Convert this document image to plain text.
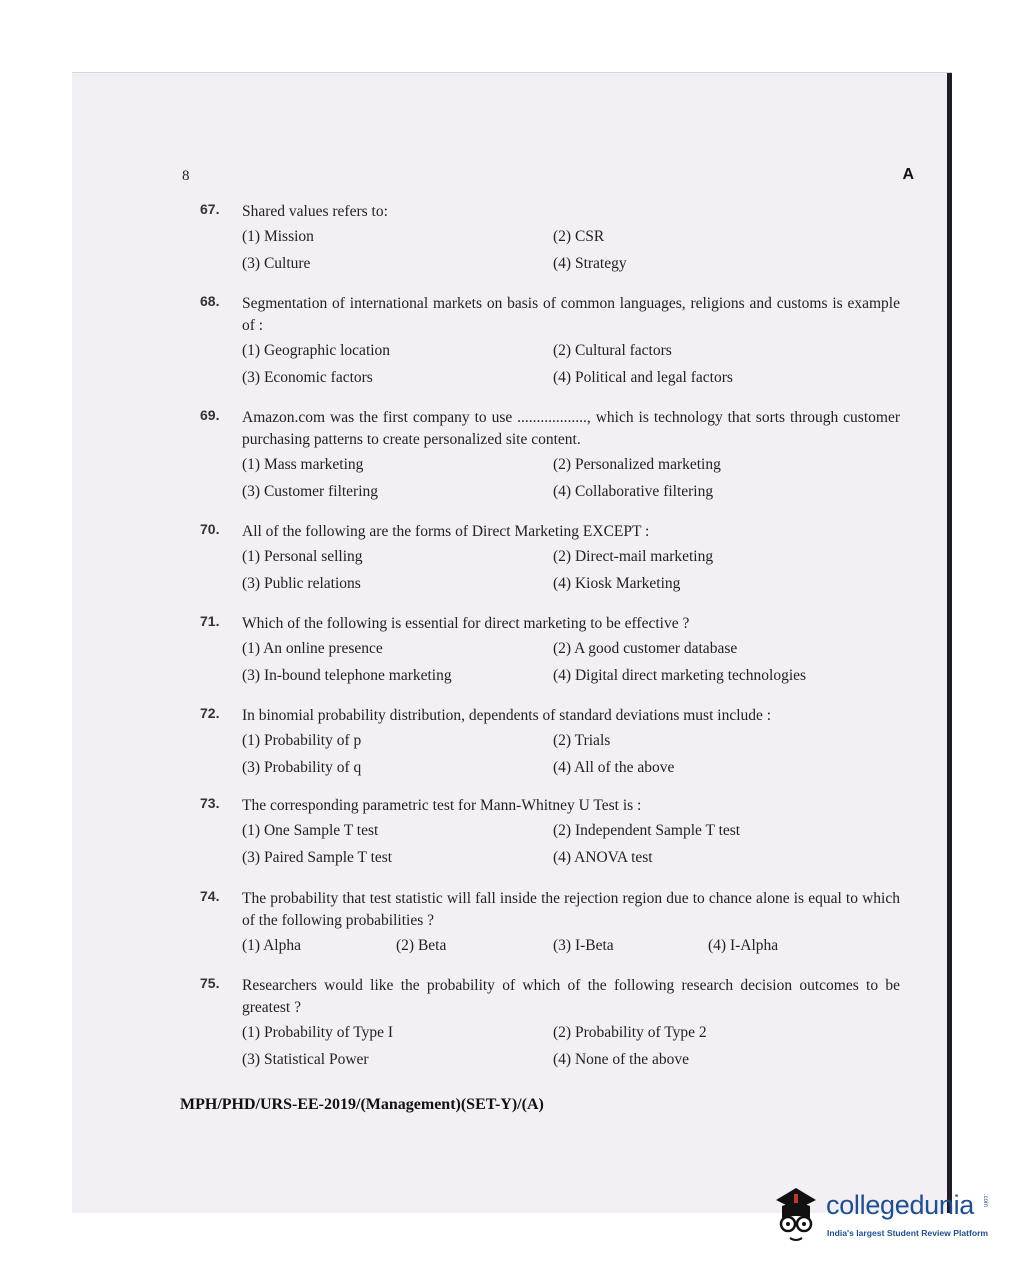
8	A
67. Shared values refers to:
(1) Mission	(2) CSR
(3) Culture	(4) Strategy
68. Segmentation of international markets on basis of common languages, religions and customs is example of :
(1) Geographic location	(2) Cultural factors
(3) Economic factors	(4) Political and legal factors
69. Amazon.com was the first company to use .................., which is technology that sorts through customer purchasing patterns to create personalized site content.
(1) Mass marketing	(2) Personalized marketing
(3) Customer filtering	(4) Collaborative filtering
70. All of the following are the forms of Direct Marketing EXCEPT :
(1) Personal selling	(2) Direct-mail marketing
(3) Public relations	(4) Kiosk Marketing
71. Which of the following is essential for direct marketing to be effective ?
(1) An online presence	(2) A good customer database
(3) In-bound telephone marketing	(4) Digital direct marketing technologies
72. In binomial probability distribution, dependents of standard deviations must include :
(1) Probability of p	(2) Trials
(3) Probability of q	(4) All of the above
73. The corresponding parametric test for Mann-Whitney U Test is :
(1) One Sample T test	(2) Independent Sample T test
(3) Paired Sample T test	(4) ANOVA test
74. The probability that test statistic will fall inside the rejection region due to chance alone is equal to which of the following probabilities ?
(1) Alpha	(2) Beta	(3) I-Beta	(4) I-Alpha
75. Researchers would like the probability of which of the following research decision outcomes to be greatest ?
(1) Probability of Type I	(2) Probability of Type 2
(3) Statistical Power	(4) None of the above
MPH/PHD/URS-EE-2019/(Management)(SET-Y)/(A)
collegedunia .com
India's largest Student Review Platform
